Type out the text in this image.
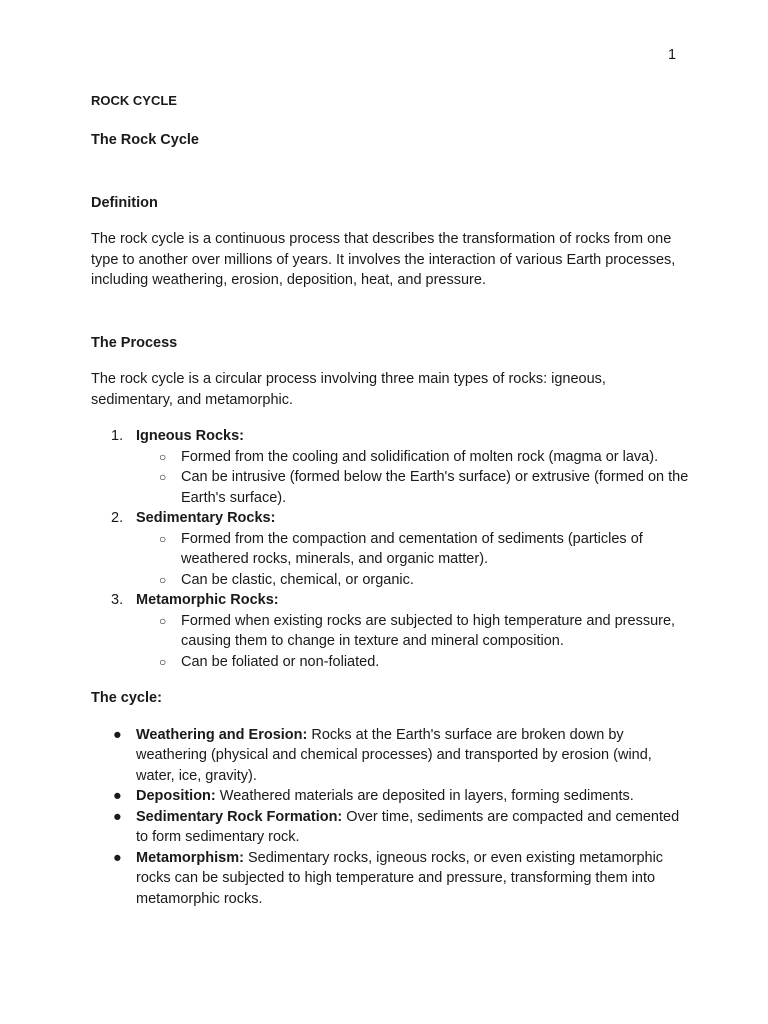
1

ROCK CYCLE

The Rock Cycle

Definition

The rock cycle is a continuous process that describes the transformation of rocks from one type to another over millions of years. It involves the interaction of various Earth processes, including weathering, erosion, deposition, heat, and pressure.

The Process

The rock cycle is a circular process involving three main types of rocks: igneous, sedimentary, and metamorphic.

1. Igneous Rocks:
○ Formed from the cooling and solidification of molten rock (magma or lava).
○ Can be intrusive (formed below the Earth's surface) or extrusive (formed on the Earth's surface).
2. Sedimentary Rocks:
○ Formed from the compaction and cementation of sediments (particles of weathered rocks, minerals, and organic matter).
○ Can be clastic, chemical, or organic.
3. Metamorphic Rocks:
○ Formed when existing rocks are subjected to high temperature and pressure, causing them to change in texture and mineral composition.
○ Can be foliated or non-foliated.

The cycle:

● Weathering and Erosion: Rocks at the Earth's surface are broken down by weathering (physical and chemical processes) and transported by erosion (wind, water, ice, gravity).
● Deposition: Weathered materials are deposited in layers, forming sediments.
● Sedimentary Rock Formation: Over time, sediments are compacted and cemented to form sedimentary rock.
● Metamorphism: Sedimentary rocks, igneous rocks, or even existing metamorphic rocks can be subjected to high temperature and pressure, transforming them into metamorphic rocks.
